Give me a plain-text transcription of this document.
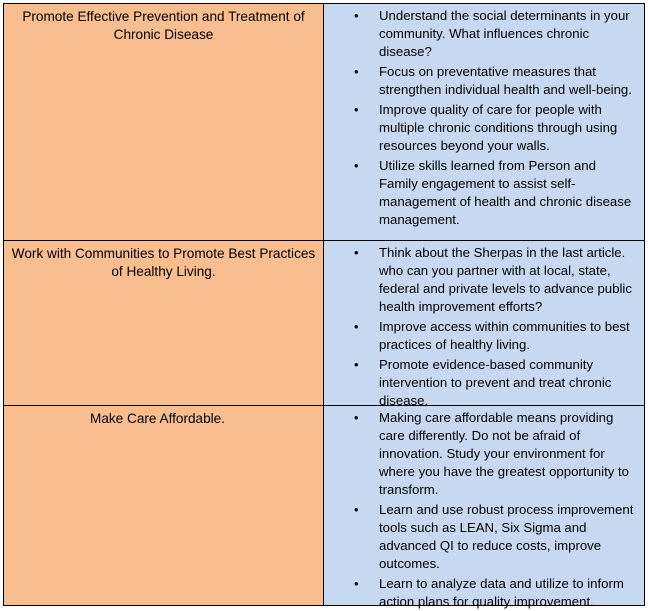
Promote Effective Prevention and Treatment of Chronic Disease

• Understand the social determinants in your community. What influences chronic disease?
• Focus on preventative measures that strengthen individual health and well-being.
• Improve quality of care for people with multiple chronic conditions through using resources beyond your walls.
• Utilize skills learned from Person and Family engagement to assist self-management of health and chronic disease management.

Work with Communities to Promote Best Practices of Healthy Living.

• Think about the Sherpas in the last article. who can you partner with at local, state, federal and private levels to advance public health improvement efforts?
• Improve access within communities to best practices of healthy living.
• Promote evidence-based community intervention to prevent and treat chronic disease.

Make Care Affordable.

•	Making care affordable means providing care differently. Do not be afraid of innovation. Study your environment for where you have the greatest opportunity to transform.
• Learn and use robust process improvement tools such as LEAN, Six Sigma and advanced QI to reduce costs, improve outcomes.
• Learn to analyze data and utilize to inform action plans for quality improvement.
